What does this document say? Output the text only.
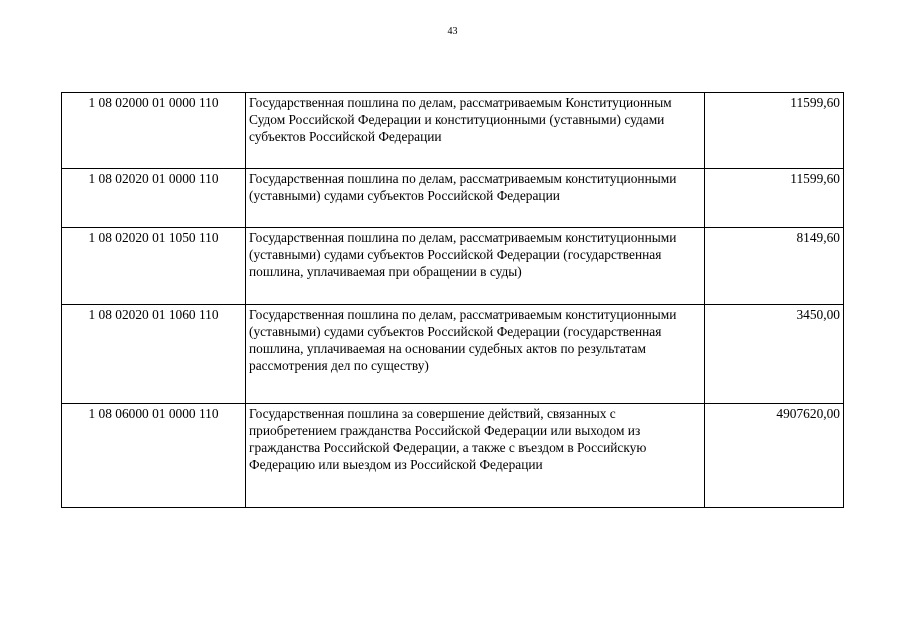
43
1 08 02000 01 0000 110	Государственная пошлина по делам, рассматриваемым Конституционным Судом Российской Федерации и конституционными (уставными) судами субъектов Российской Федерации	11599,60
1 08 02020 01 0000 110	Государственная пошлина по делам, рассматриваемым конституционными (уставными) судами субъектов Российской Федерации	11599,60
1 08 02020 01 1050 110	Государственная пошлина по делам, рассматриваемым конституционными (уставными) судами субъектов Российской Федерации (государственная пошлина, уплачиваемая при обращении в суды)	8149,60
1 08 02020 01 1060 110	Государственная пошлина по делам, рассматриваемым конституционными (уставными) судами субъектов Российской Федерации (государственная пошлина, уплачиваемая на основании судебных актов по результатам рассмотрения дел по существу)	3450,00
1 08 06000 01 0000 110	Государственная пошлина за совершение действий, связанных с приобретением гражданства Российской Федерации или выходом из гражданства Российской Федерации, а также с въездом в Российскую Федерацию или выездом из Российской Федерации	4907620,00
